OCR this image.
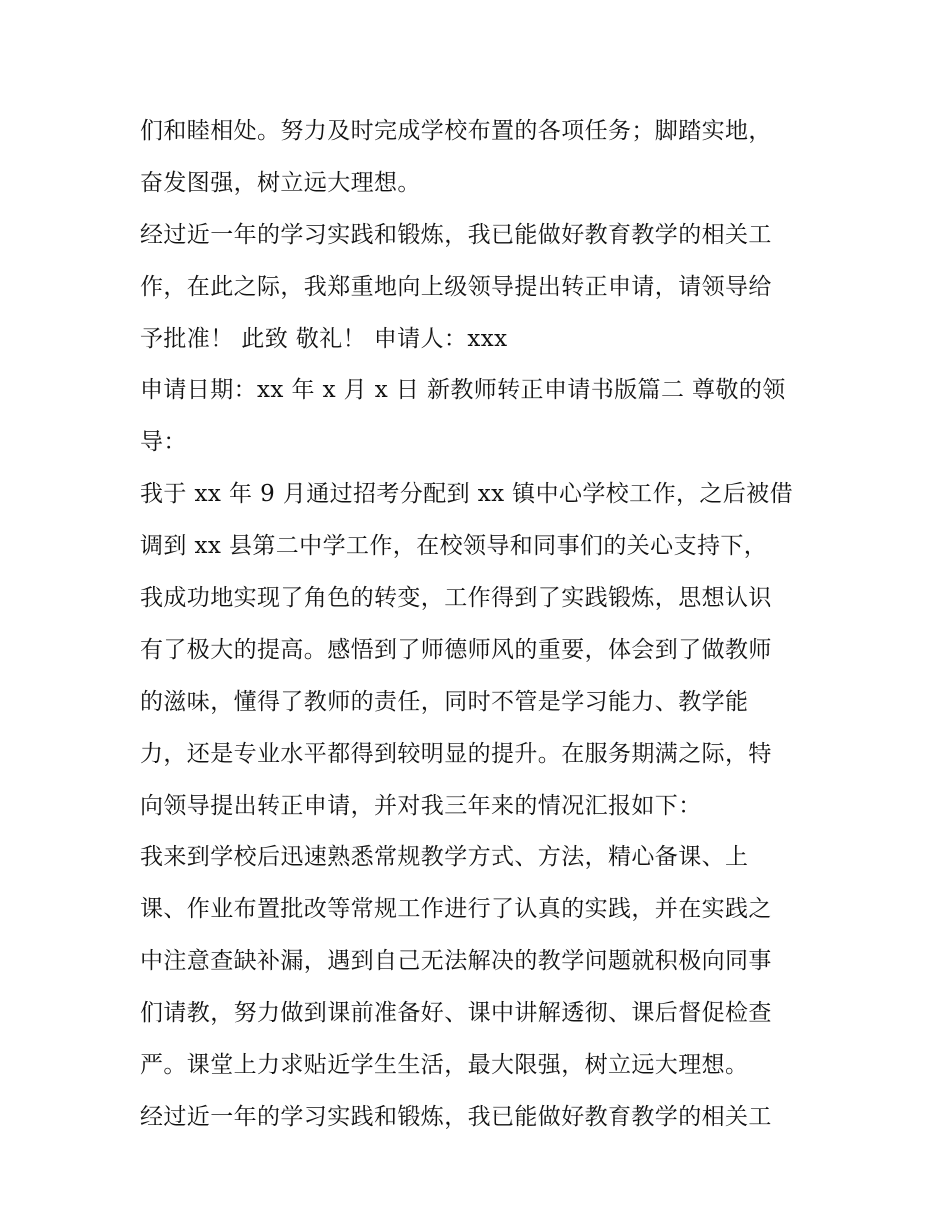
们和睦相处。努力及时完成学校布置的各项任务；脚踏实地，
奋发图强，树立远大理想。
经过近一年的学习实践和锻炼，我已能做好教育教学的相关工
作，在此之际，我郑重地向上级领导提出转正申请，请领导给
予批准！ 此致 敬礼！ 申请人：xxx
申请日期：xx 年 x 月 x 日 新教师转正申请书版篇二 尊敬的领
导：
我于 xx 年 9 月通过招考分配到 xx 镇中心学校工作，之后被借
调到 xx 县第二中学工作，在校领导和同事们的关心支持下，
我成功地实现了角色的转变，工作得到了实践锻炼，思想认识
有了极大的提高。感悟到了师德师风的重要，体会到了做教师
的滋味，懂得了教师的责任，同时不管是学习能力、教学能
力，还是专业水平都得到较明显的提升。在服务期满之际，特
向领导提出转正申请，并对我三年来的情况汇报如下：
我来到学校后迅速熟悉常规教学方式、方法，精心备课、上
课、作业布置批改等常规工作进行了认真的实践，并在实践之
中注意查缺补漏，遇到自己无法解决的教学问题就积极向同事
们请教，努力做到课前准备好、课中讲解透彻、课后督促检查
严。课堂上力求贴近学生生活，最大限强，树立远大理想。
经过近一年的学习实践和锻炼，我已能做好教育教学的相关工
